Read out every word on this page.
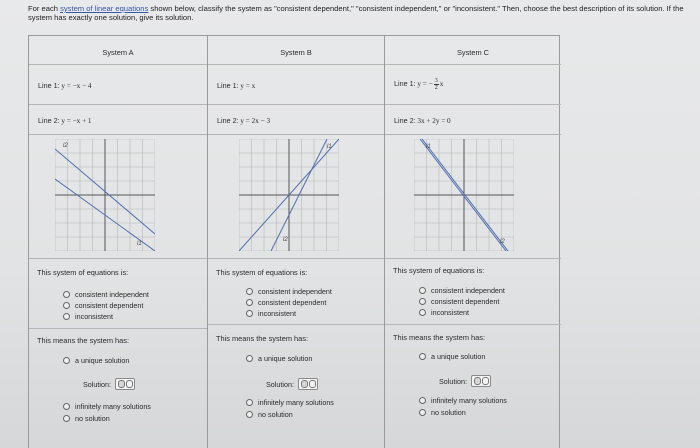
For each system of linear equations shown below, classify the system as "consistent dependent," "consistent independent," or "inconsistent." Then, choose the best description of its solution. If the system has exactly one solution, give its solution.
System A
Line 1: y = −x − 4
Line 2: y = −x + 1
l2
l1
This system of equations is:
consistent independent
consistent dependent
inconsistent
This means the system has:
a unique solution
Solution:
infinitely many solutions
no solution
System B
Line 1: y = x
Line 2: y = 2x − 3
l1
l2
This system of equations is:
consistent independent
consistent dependent
inconsistent
This means the system has:
a unique solution
Solution:
infinitely many solutions
no solution
System C
Line 1: y = − $\frac{3}{2}$ x
Line 2: 3x + 2y = 0
l1
l2
This system of equations is:
consistent independent
consistent dependent
inconsistent
This means the system has:
a unique solution
Solution:
infinitely many solutions
no solution
